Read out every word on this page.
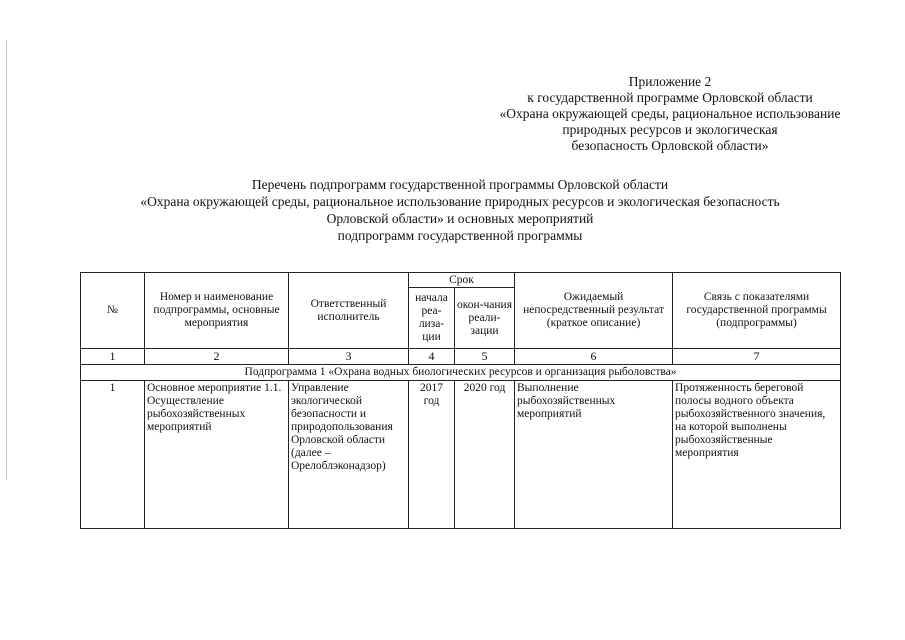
Приложение 2
к государственной программе Орловской области
«Охрана окружающей среды, рациональное использование
природных ресурсов и экологическая
безопасность Орловской области»
Перечень подпрограмм государственной программы Орловской области
«Охрана окружающей среды, рациональное использование природных ресурсов и экологическая безопасность
Орловской области» и основных мероприятий
подпрограмм государственной программы
№	Номер и наименование подпрограммы, основные мероприятия	Ответственный исполнитель	Срок		Ожидаемый непосредственный результат (краткое описание)	Связь с показателями государственной программы (подпрограммы)
			начала реа-лиза-ции	окон-чания реали-зации		
1	2	3	4	5	6	7
Подпрограмма 1 «Охрана водных биологических ресурсов и организация рыболовства»						
1	Основное мероприятие 1.1. Осуществление рыбохозяйственных мероприятий	Управление экологической безопасности и природопользования Орловской области (далее – Орелоблэконадзор)	2017 год	2020 год	Выполнение рыбохозяйственных мероприятий	Протяженность береговой полосы водного объекта рыбохозяйственного значения, на которой выполнены рыбохозяйственные мероприятия
